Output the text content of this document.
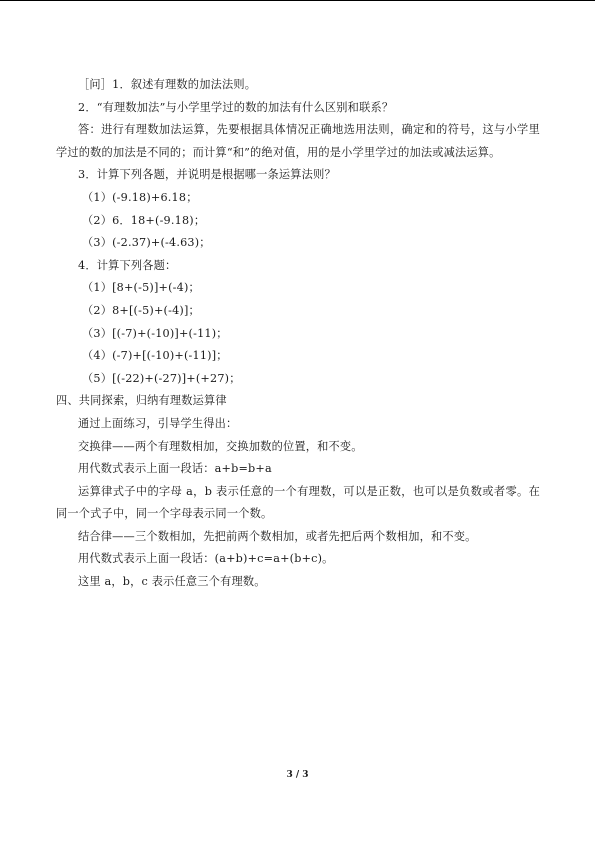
［问］1．叙述有理数的加法法则。
2．“有理数加法”与小学里学过的数的加法有什么区别和联系？
答：进行有理数加法运算，先要根据具体情况正确地选用法则，确定和的符号，这与小学里学过的数的加法是不同的；而计算“和”的绝对值，用的是小学里学过的加法或减法运算。
3．计算下列各题，并说明是根据哪一条运算法则？
（1）(-9.18)+6.18；
（2）6．18+(-9.18)；
（3）(-2.37)+(-4.63)；
4．计算下列各题：
（1）[8+(-5)]+(-4)；
（2）8+[(-5)+(-4)]；
（3）[(-7)+(-10)]+(-11)；
（4）(-7)+[(-10)+(-11)]；
（5）[(-22)+(-27)]+(+27)；
四、共同探索，归纳有理数运算律
通过上面练习，引导学生得出：
交换律——两个有理数相加，交换加数的位置，和不变。
用代数式表示上面一段话：a+b=b+a
运算律式子中的字母 a，b 表示任意的一个有理数，可以是正数，也可以是负数或者零。在同一个式子中，同一个字母表示同一个数。
结合律——三个数相加，先把前两个数相加，或者先把后两个数相加，和不变。
用代数式表示上面一段话：(a+b)+c=a+(b+c)。
这里 a，b，c 表示任意三个有理数。
3 / 3
